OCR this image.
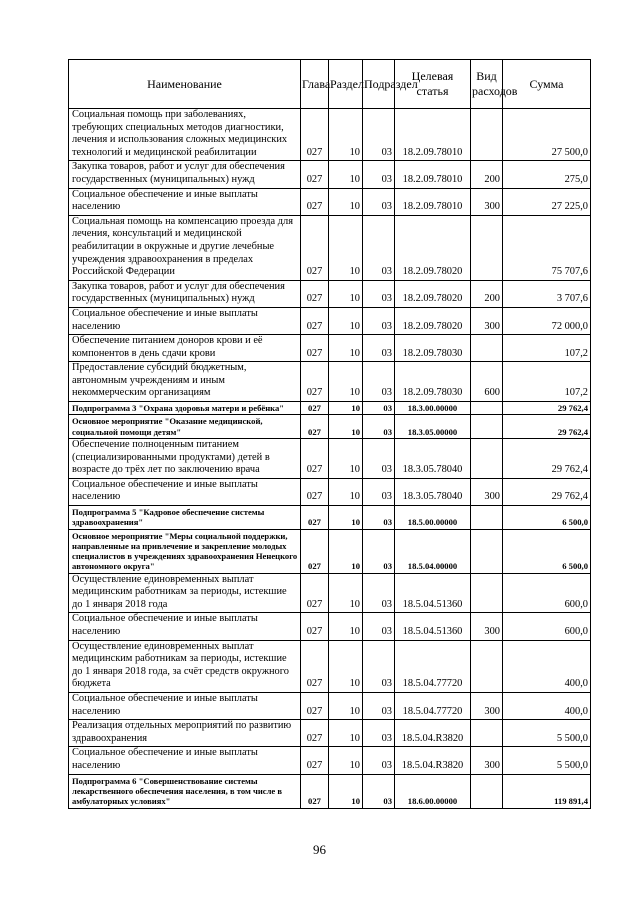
Наименование	Глава	Раздел	Подраздел	Целевая статья	Вид расходов	Сумма
Социальная помощь при заболеваниях, требующих специальных методов диагностики, лечения и использования сложных медицинских технологий и медицинской реабилитации	027	10	03	18.2.09.78010		27 500,0
Закупка товаров, работ и услуг для обеспечения государственных (муниципальных) нужд	027	10	03	18.2.09.78010	200	275,0
Социальное обеспечение и иные выплаты населению	027	10	03	18.2.09.78010	300	27 225,0
Социальная помощь на компенсацию проезда для лечения, консультаций и медицинской реабилитации в окружные и другие лечебные учреждения здравоохранения в пределах Российской Федерации	027	10	03	18.2.09.78020		75 707,6
Закупка товаров, работ и услуг для обеспечения государственных (муниципальных) нужд	027	10	03	18.2.09.78020	200	3 707,6
Социальное обеспечение и иные выплаты населению	027	10	03	18.2.09.78020	300	72 000,0
Обеспечение питанием доноров крови и её компонентов в день сдачи крови	027	10	03	18.2.09.78030		107,2
Предоставление субсидий бюджетным, автономным учреждениям и иным некоммерческим организациям	027	10	03	18.2.09.78030	600	107,2
Подпрограмма 3 "Охрана здоровья матери и ребёнка"	027	10	03	18.3.00.00000		29 762,4
Основное мероприятие "Оказание медицинской, социальной помощи детям"	027	10	03	18.3.05.00000		29 762,4
Обеспечение полноценным питанием (специализированными продуктами) детей в возрасте до трёх лет по заключению врача	027	10	03	18.3.05.78040		29 762,4
Социальное обеспечение и иные выплаты населению	027	10	03	18.3.05.78040	300	29 762,4
Подпрограмма 5 "Кадровое обеспечение системы здравоохранения"	027	10	03	18.5.00.00000		6 500,0
Основное мероприятие "Меры социальной поддержки, направленные на привлечение и закрепление молодых специалистов в учреждениях здравоохранения Ненецкого автономного округа"	027	10	03	18.5.04.00000		6 500,0
Осуществление единовременных выплат медицинским работникам за периоды, истекшие до 1 января 2018 года	027	10	03	18.5.04.51360		600,0
Социальное обеспечение и иные выплаты населению	027	10	03	18.5.04.51360	300	600,0
Осуществление единовременных выплат медицинским работникам за периоды, истекшие до 1 января 2018 года, за счёт средств окружного бюджета	027	10	03	18.5.04.77720		400,0
Социальное обеспечение и иные выплаты населению	027	10	03	18.5.04.77720	300	400,0
Реализация отдельных мероприятий по развитию здравоохранения	027	10	03	18.5.04.R3820		5 500,0
Социальное обеспечение и иные выплаты населению	027	10	03	18.5.04.R3820	300	5 500,0
Подпрограмма 6 "Совершенствование системы лекарственного обеспечения населения, в том числе в амбулаторных условиях"	027	10	03	18.6.00.00000		119 891,4
96
